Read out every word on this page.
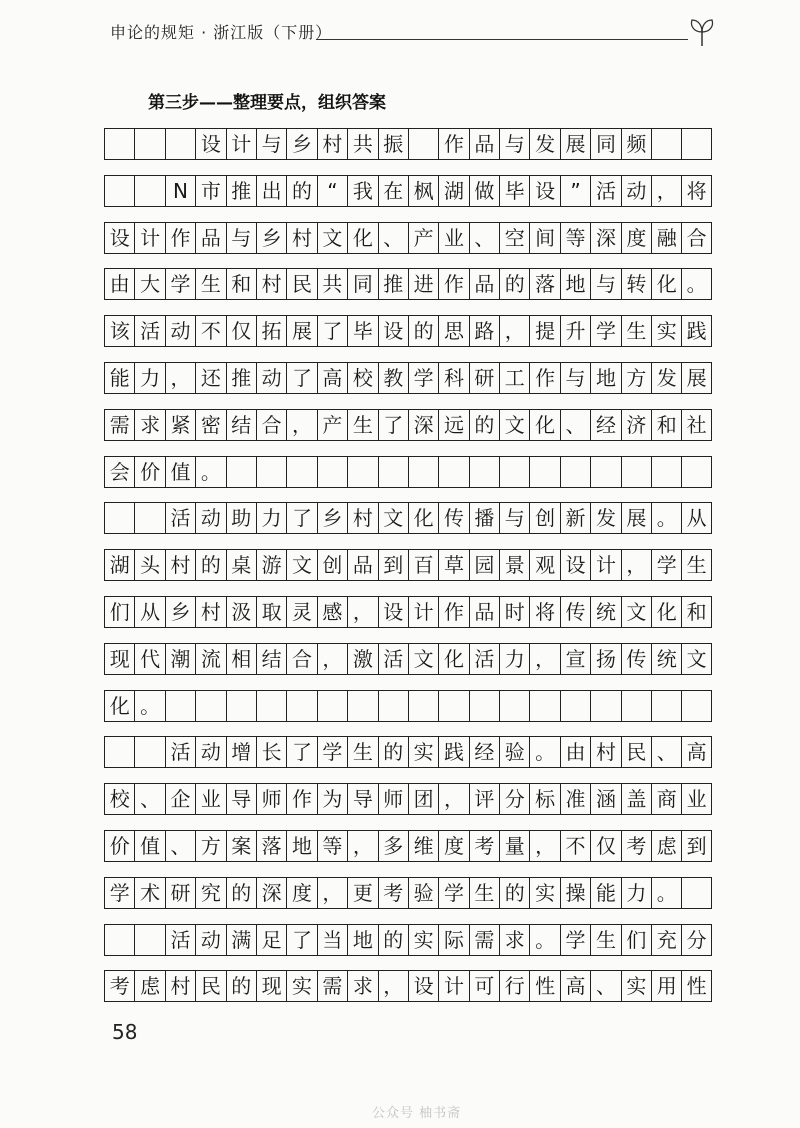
申论的规矩 · 浙江版（下册）
第三步——整理要点，组织答案
设 计 与 乡 村 共 振 作 品 与 发 展 同 频
N 市 推 出 的 “ 我 在 枫 湖 做 毕 设 ” 活 动 ， 将
设 计 作 品 与 乡 村 文 化 、 产 业 、 空 间 等 深 度 融 合
由 大 学 生 和 村 民 共 同 推 进 作 品 的 落 地 与 转 化 。
该 活 动 不 仅 拓 展 了 毕 设 的 思 路 ， 提 升 学 生 实 践
能 力 ， 还 推 动 了 高 校 教 学 科 研 工 作 与 地 方 发 展
需 求 紧 密 结 合 ， 产 生 了 深 远 的 文 化 、 经 济 和 社
会 价 值 。
活 动 助 力 了 乡 村 文 化 传 播 与 创 新 发 展 。 从
湖 头 村 的 桌 游 文 创 品 到 百 草 园 景 观 设 计 ， 学 生
们 从 乡 村 汲 取 灵 感 ， 设 计 作 品 时 将 传 统 文 化 和
现 代 潮 流 相 结 合 ， 激 活 文 化 活 力 ， 宣 扬 传 统 文
化 。
活 动 增 长 了 学 生 的 实 践 经 验 。 由 村 民 、 高
校 、 企 业 导 师 作 为 导 师 团 ， 评 分 标 准 涵 盖 商 业
价 值 、 方 案 落 地 等 ， 多 维 度 考 量 ， 不 仅 考 虑 到
学 术 研 究 的 深 度 ， 更 考 验 学 生 的 实 操 能 力 。
活 动 满 足 了 当 地 的 实 际 需 求 。 学 生 们 充 分
考 虑 村 民 的 现 实 需 求 ， 设 计 可 行 性 高 、 实 用 性
58
公众号 柚书斋
